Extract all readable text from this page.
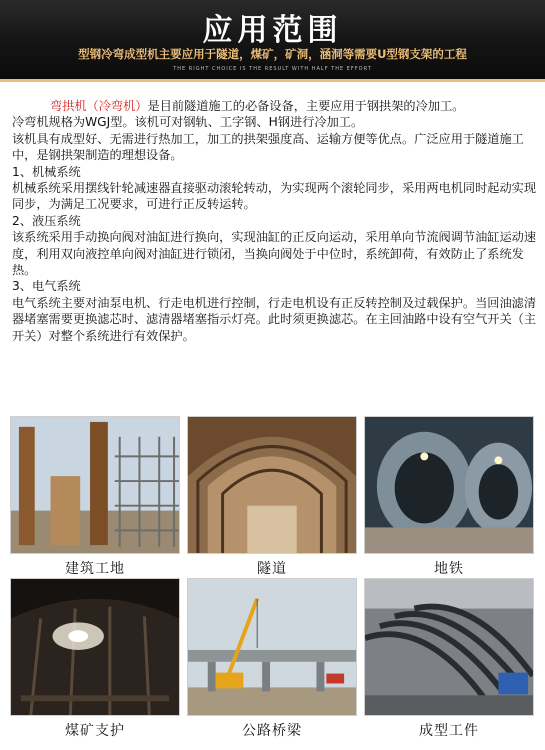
应用范围
型钢冷弯成型机主要应用于隧道，煤矿，矿洞，涵洞等需要U型钢支架的工程
THE RIGHT CHOICE IS THE RESULT WITH HALF THE EFFORT

弯拱机（冷弯机）是目前隧道施工的必备设备，主要应用于钢拱架的冷加工。

冷弯机规格为WGJ型。该机可对钢轨、工字钢、H钢进行冷加工。

该机具有成型好、无需进行热加工，加工的拱架强度高、运输方便等优点。广泛应用于隧道施工中，是钢拱架制造的理想设备。

1、机械系统

机械系统采用摆线针轮减速器直接驱动滚轮转动，为实现两个滚轮同步，采用两电机同时起动实现同步，为满足工况要求，可进行正反转运转。

2、液压系统

该系统采用手动换向阀对油缸进行换向，实现油缸的正反向运动，采用单向节流阀调节油缸运动速度，利用双向液控单向阀对油缸进行锁闭，当换向阀处于中位时，系统卸荷，有效防止了系统发热。

3、电气系统

电气系统主要对油泵电机、行走电机进行控制，行走电机设有正反转控制及过载保护。当回油滤清器堵塞需要更换滤芯时、滤清器堵塞指示灯亮。此时须更换滤芯。在主回油路中设有空气开关（主开关）对整个系统进行有效保护。

建筑工地	隧道	地铁
煤矿支护	公路桥梁	成型工件
